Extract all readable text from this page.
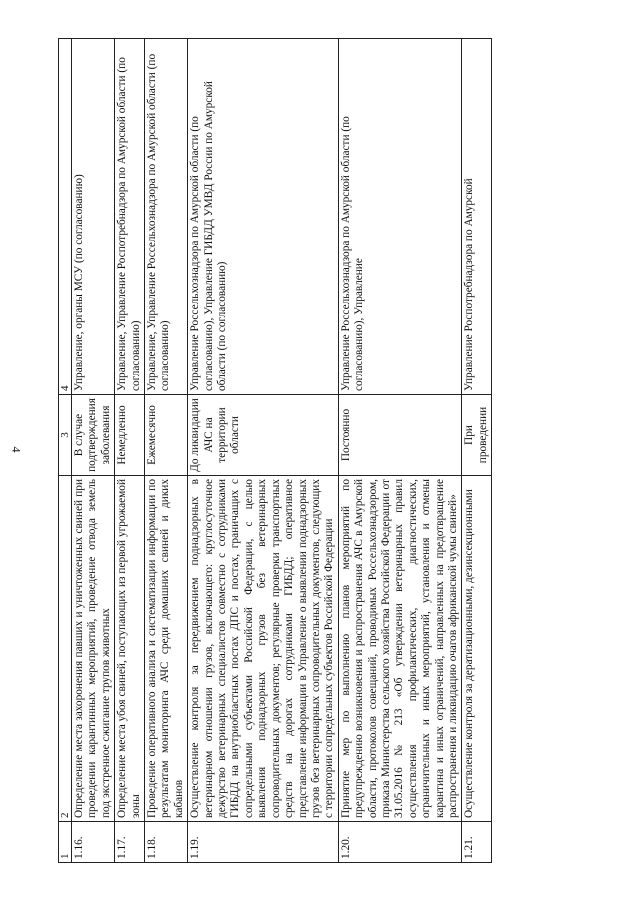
4
1	2	3	4
1.16.	Определение места захоронения павших и уничтоженных свиней при проведении карантинных мероприятий, проведение отвода земель под экстренное сжигание трупов животных	В случае подтверждения заболевания	Управление, органы МСУ (по согласованию)
1.17.	Определение места убоя свиней, поступающих из первой угрожаемой зоны	Немедленно	Управление, Управление Роспотребнадзора по Амурской области (по согласованию)
1.18.	Проведение оперативного анализа и систематизации информации по результатам мониторинга АЧС среди домашних свиней и диких кабанов	Ежемесячно	Управление, Управление Россельхознадзора по Амурской области (по согласованию)
1.19.	Осуществление контроля за передвижением поднадзорных в ветеринарном отношении грузов, включающего: круглосуточное дежурство ветеринарных специалистов совместно с сотрудниками ГИБДД на внутриобластных постах ДПС и постах, граничащих с сопредельными субъектами Российской Федерации, с целью выявления поднадзорных грузов без ветеринарных сопроводительных документов; регулярные проверки транспортных средств на дорогах сотрудниками ГИБДД; оперативное представление информации в Управление о выявлении поднадзорных грузов без ветеринарных сопроводительных документов, следующих с территории сопредельных субъектов Российской Федерации	До ликвидации АЧС на территории области	Управление Россельхознадзора по Амурской области (по согласованию), Управление ГИБДД УМВД России по Амурской области (по согласованию)
1.20.	Принятие мер по выполнению планов мероприятий по предупреждению возникновения и распространения АЧС в Амурской области, протоколов совещаний, проводимых Россельхознадзором, приказа Министерства сельского хозяйства Российской Федерации от 31.05.2016 № 213 «Об утверждении ветеринарных правил осуществления профилактических, диагностических, ограничительных и иных мероприятий, установления и отмены карантина и иных ограничений, направленных на предотвращение распространения и ликвидацию очагов африканской чумы свиней»	Постоянно	Управление Россельхознадзора по Амурской области (по согласованию), Управление
1.21.	Осуществление контроля за дератизационными, дезинсекционными	При проведении	Управление Роспотребнадзора по Амурской
